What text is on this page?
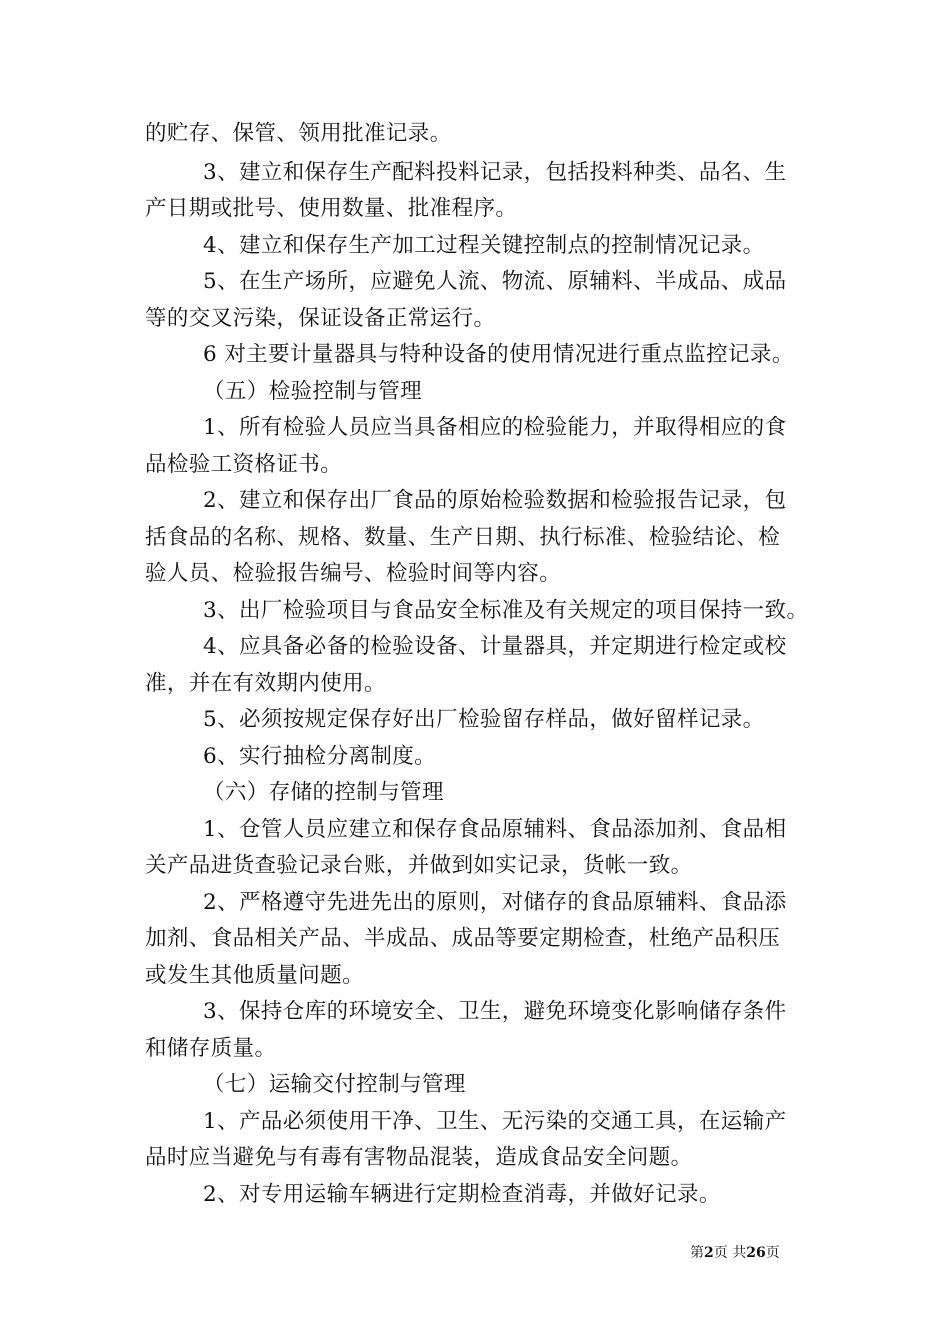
的贮存、保管、领用批准记录。
3、建立和保存生产配料投料记录，包括投料种类、品名、生
产日期或批号、使用数量、批准程序。
4、建立和保存生产加工过程关键控制点的控制情况记录。
5、在生产场所，应避免人流、物流、原辅料、半成品、成品
等的交叉污染，保证设备正常运行。
6 对主要计量器具与特种设备的使用情况进行重点监控记录。
（五）检验控制与管理
1、所有检验人员应当具备相应的检验能力，并取得相应的食
品检验工资格证书。
2、建立和保存出厂食品的原始检验数据和检验报告记录，包
括食品的名称、规格、数量、生产日期、执行标准、检验结论、检
验人员、检验报告编号、检验时间等内容。
3、出厂检验项目与食品安全标准及有关规定的项目保持一致。
4、应具备必备的检验设备、计量器具，并定期进行检定或校
准，并在有效期内使用。
5、必须按规定保存好出厂检验留存样品，做好留样记录。
6、实行抽检分离制度。
（六）存储的控制与管理
1、仓管人员应建立和保存食品原辅料、食品添加剂、食品相
关产品进货查验记录台账，并做到如实记录，货帐一致。
2、严格遵守先进先出的原则，对储存的食品原辅料、食品添
加剂、食品相关产品、半成品、成品等要定期检查，杜绝产品积压
或发生其他质量问题。
3、保持仓库的环境安全、卫生，避免环境变化影响储存条件
和储存质量。
（七）运输交付控制与管理
1、产品必须使用干净、卫生、无污染的交通工具，在运输产
品时应当避免与有毒有害物品混装，造成食品安全问题。
2、对专用运输车辆进行定期检查消毒，并做好记录。
第2页 共26页
